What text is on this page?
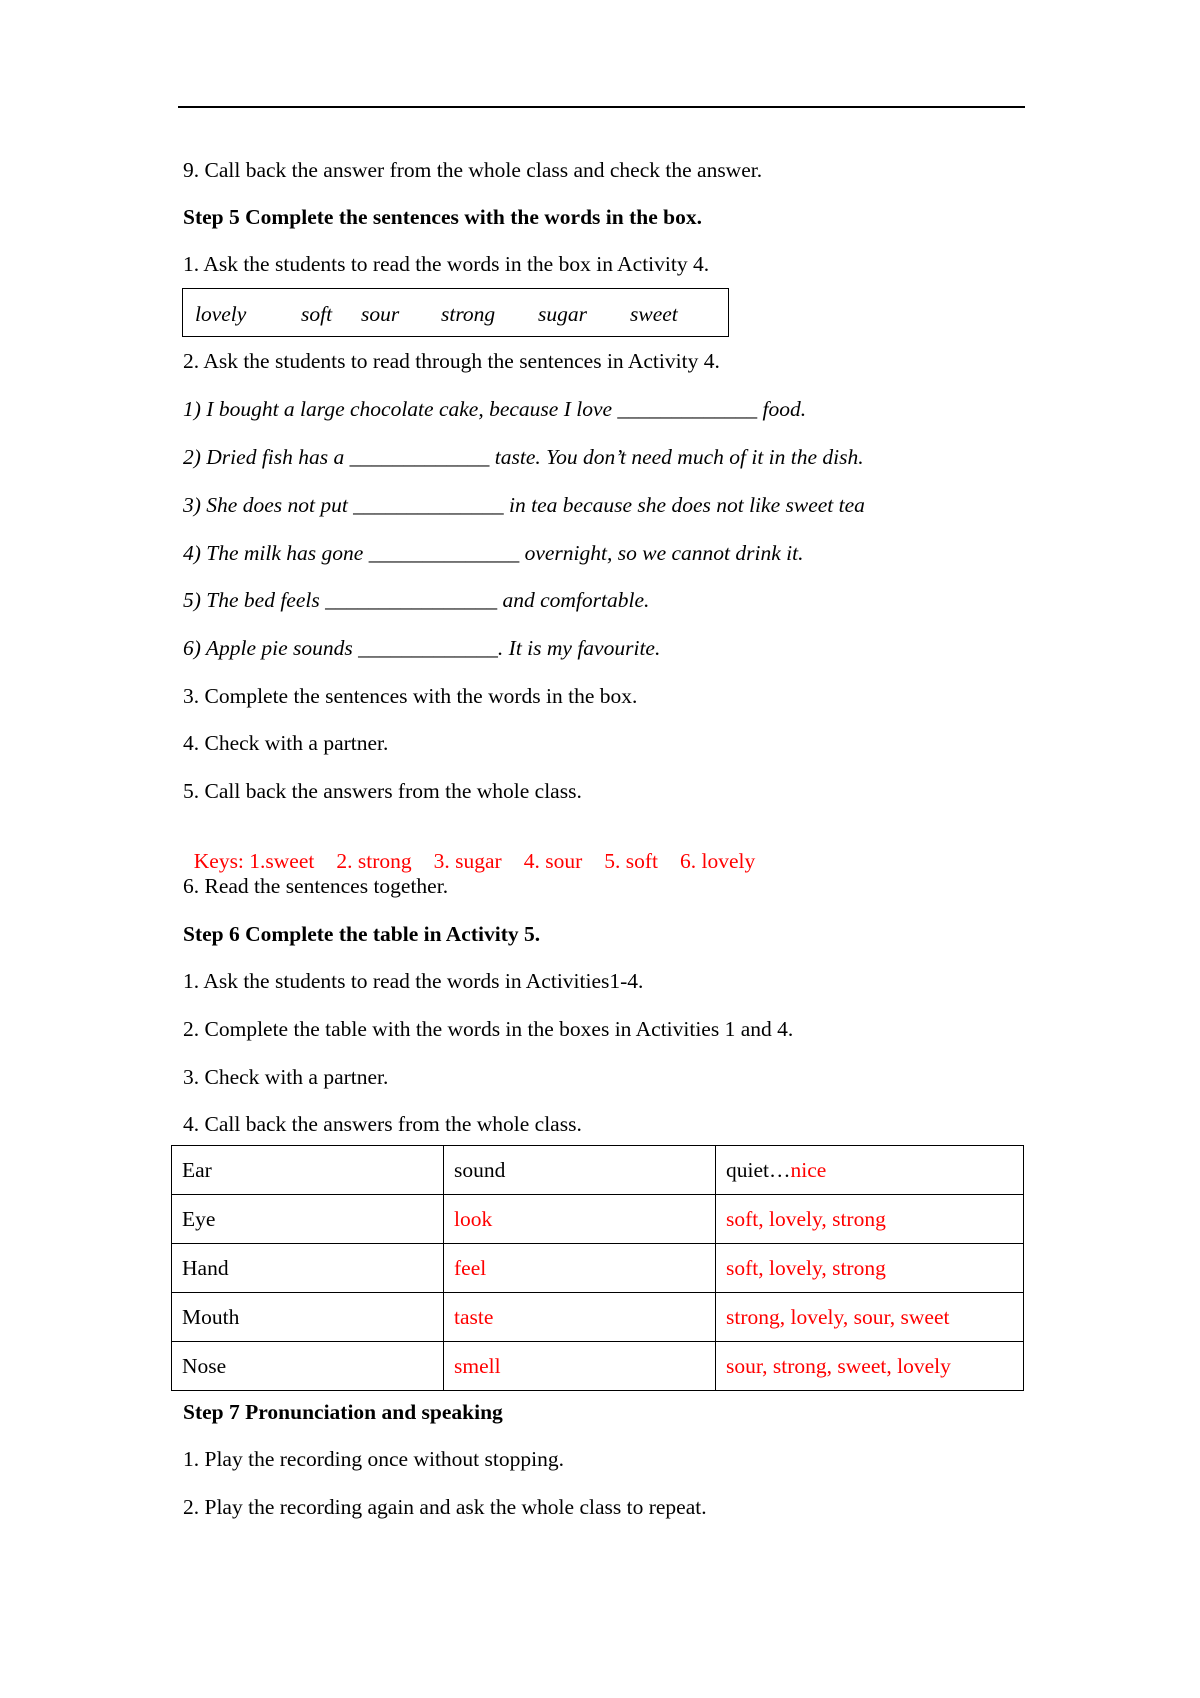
9. Call back the answer from the whole class and check the answer.
Step 5 Complete the sentences with the words in the box.
1. Ask the students to read the words in the box in Activity 4.
lovely	soft sour strong sugar sweet
2. Ask the students to read through the sentences in Activity 4.
1) I bought a large chocolate cake, because I love _____________ food.
2) Dried fish has a _____________ taste. You don’t need much of it in the dish.
3) She does not put ______________ in tea because she does not like sweet tea
4) The milk has gone ______________ overnight, so we cannot drink it.
5) The bed feels ________________ and comfortable.
6) Apple pie sounds _____________. It is my favourite.
3. Complete the sentences with the words in the box.
4. Check with a partner.
5. Call back the answers from the whole class.

Keys: 1.sweet 2. strong 3. sugar 4. sour 5. soft 6. lovely

6. Read the sentences together.
Step 6 Complete the table in Activity 5.
1. Ask the students to read the words in Activities1-4.
2. Complete the table with the words in the boxes in Activities 1 and 4.
3. Check with a partner.
4. Call back the answers from the whole class.
Ear	sound	quiet…nice
Eye	look	soft, lovely, strong
Hand	feel	soft, lovely, strong
Mouth	taste	strong, lovely, sour, sweet
Nose	smell	sour, strong, sweet, lovely
Step 7 Pronunciation and speaking
1. Play the recording once without stopping.
2. Play the recording again and ask the whole class to repeat.
